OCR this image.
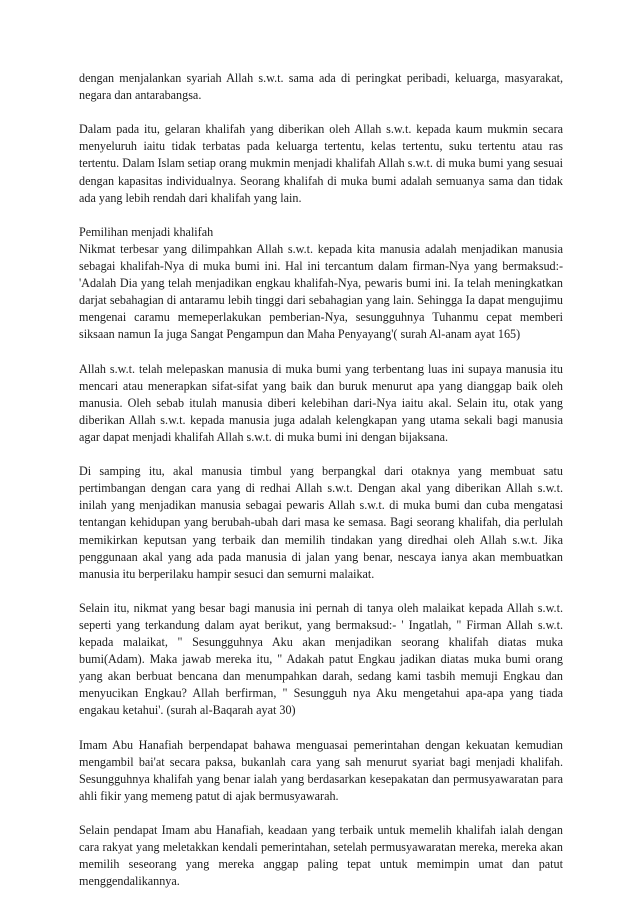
dengan menjalankan syariah Allah s.w.t. sama ada di peringkat peribadi, keluarga, masyarakat, negara dan antarabangsa.

Dalam pada itu, gelaran khalifah yang diberikan oleh Allah s.w.t. kepada kaum mukmin secara menyeluruh iaitu tidak terbatas pada keluarga tertentu, kelas tertentu, suku tertentu atau ras tertentu. Dalam Islam setiap orang mukmin menjadi khalifah Allah s.w.t. di muka bumi yang sesuai dengan kapasitas individualnya. Seorang khalifah di muka bumi adalah semuanya sama dan tidak ada yang lebih rendah dari khalifah yang lain.

Pemilihan menjadi khalifah

Nikmat terbesar yang dilimpahkan Allah s.w.t. kepada kita manusia adalah menjadikan manusia sebagai khalifah-Nya di muka bumi ini. Hal ini tercantum dalam firman-Nya yang bermaksud:- 'Adalah Dia yang telah menjadikan engkau khalifah-Nya, pewaris bumi ini. Ia telah meningkatkan darjat sebahagian di antaramu lebih tinggi dari sebahagian yang lain. Sehingga Ia dapat mengujimu mengenai caramu memeperlakukan pemberian-Nya, sesungguhnya Tuhanmu cepat memberi siksaan namun Ia juga Sangat Pengampun dan Maha Penyayang'( surah Al-anam ayat 165)

Allah s.w.t. telah melepaskan manusia di muka bumi yang terbentang luas ini supaya manusia itu mencari atau menerapkan sifat-sifat yang baik dan buruk menurut apa yang dianggap baik oleh manusia. Oleh sebab itulah manusia diberi kelebihan dari-Nya iaitu akal. Selain itu, otak yang diberikan Allah s.w.t. kepada manusia juga adalah kelengkapan yang utama sekali bagi manusia agar dapat menjadi khalifah Allah s.w.t. di muka bumi ini dengan bijaksana.

Di samping itu, akal manusia timbul yang berpangkal dari otaknya yang membuat satu pertimbangan dengan cara yang di redhai Allah s.w.t. Dengan akal yang diberikan Allah s.w.t. inilah yang menjadikan manusia sebagai pewaris Allah s.w.t. di muka bumi dan cuba mengatasi tentangan kehidupan yang berubah-ubah dari masa ke semasa. Bagi seorang khalifah, dia perlulah memikirkan keputsan yang terbaik dan memilih tindakan yang diredhai oleh Allah s.w.t. Jika penggunaan akal yang ada pada manusia di jalan yang benar, nescaya ianya akan membuatkan manusia itu berperilaku hampir sesuci dan semurni malaikat.

Selain itu, nikmat yang besar bagi manusia ini pernah di tanya oleh malaikat kepada Allah s.w.t. seperti yang terkandung dalam ayat berikut, yang bermaksud:- ' Ingatlah, " Firman Allah s.w.t. kepada malaikat, " Sesungguhnya Aku akan menjadikan seorang khalifah diatas muka bumi(Adam). Maka jawab mereka itu, " Adakah patut Engkau jadikan diatas muka bumi orang yang akan berbuat bencana dan menumpahkan darah, sedang kami tasbih memuji Engkau dan menyucikan Engkau? Allah berfirman, " Sesungguh nya Aku mengetahui apa-apa yang tiada engakau ketahui'. (surah al-Baqarah ayat 30)

Imam Abu Hanafiah berpendapat bahawa menguasai pemerintahan dengan kekuatan kemudian mengambil bai'at secara paksa, bukanlah cara yang sah menurut syariat bagi menjadi khalifah. Sesungguhnya khalifah yang benar ialah yang berdasarkan kesepakatan dan permusyawaratan para ahli fikir yang memeng patut di ajak bermusyawarah.

Selain pendapat Imam abu Hanafiah, keadaan yang terbaik untuk memelih khalifah ialah dengan cara rakyat yang meletakkan kendali pemerintahan, setelah permusyawaratan mereka, mereka akan memilih seseorang yang mereka anggap paling tepat untuk memimpin umat dan patut menggendalikannya.
